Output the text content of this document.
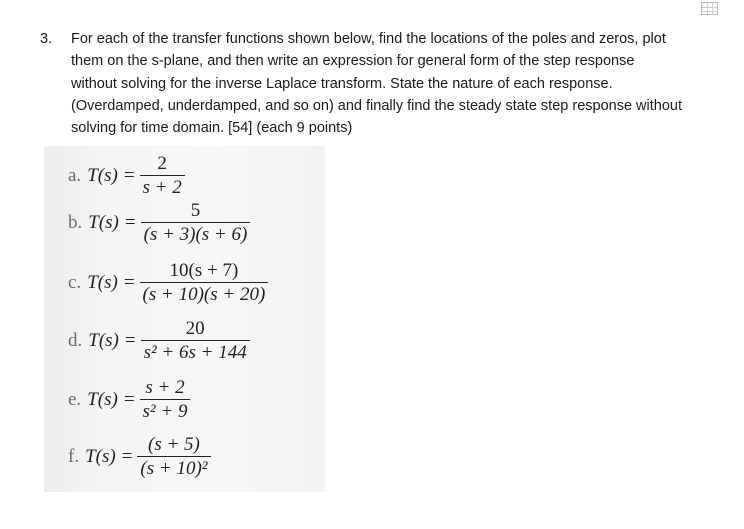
3. For each of the transfer functions shown below, find the locations of the poles and zeros, plot
them on the s-plane, and then write an expression for general form of the step response
without solving for the inverse Laplace transform. State the nature of each response.
(Overdamped, underdamped, and so on) and finally find the steady state step response without
solving for time domain. [54] (each 9 points)
a. $T(s) = \frac{2}{s + 2}$
b. $T(s) = \frac{5}{(s + 3)(s + 6)}$
c. $T(s) = \frac{10(s + 7)}{(s + 10)(s + 20)}$
d. $T(s) = \frac{20}{\text{s² + 6s + 144}}$
e. $T(s) = \frac{s + 2}{\text{s² + 9}}$
f. $T(s) = \frac{(s + 5)}{\text{(s + 10)²}}$
